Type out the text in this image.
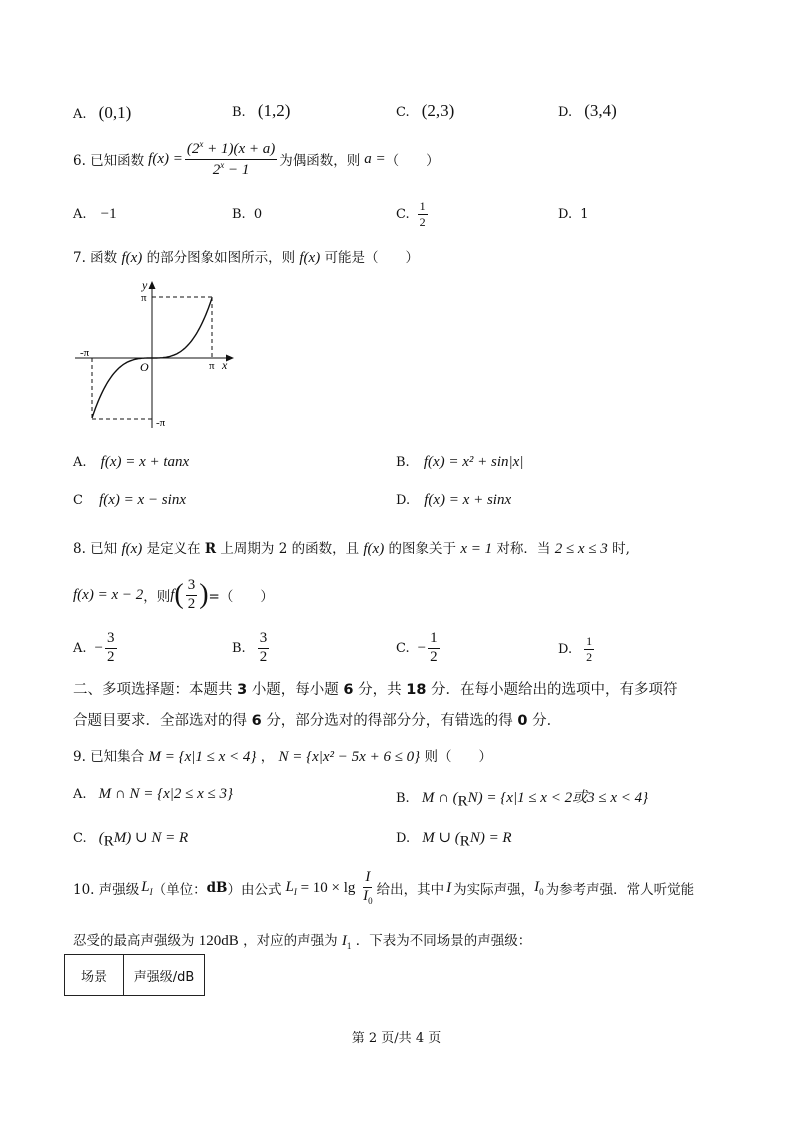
A. (0,1)	B. (1,2)	C. (2,3)	D. (3,4)
6. 已知函数 $f(x) = \frac{(2^x + 1)(x + a)}{2^x - 1}$ 为偶函数，则 a = （　　）
A. −1	B. 0	C. $\frac{1}{2}$	D. 1
7. 函数 f(x) 的部分图象如图所示，则 f(x) 可能是（　　）
y
π
-π
O	π x
-π
A. f(x) = x + tanx	B. f(x) = x² + sin|x|
C f(x) = x − sinx	D. f(x) = x + sinx
8. 已知 f(x) 是定义在 R 上周期为 2 的函数，且 f(x) 的图象关于 x = 1 对称．当 2 ≤ x ≤ 3 时,
f(x) = x − 2 ，则 f ( $\frac{3}{2}$ ) =（　　）
A. − $\frac{3}{2}$	B. $\frac{3}{2}$	C. − $\frac{1}{2}$	D. $\frac{1}{2}$
二、多项选择题：本题共 3 小题，每小题 6 分，共 18 分．在每小题给出的选项中，有多项符
合题目要求．全部选对的得 6 分，部分选对的得部分分，有错选的得 0 分．
9. 已知集合 M = {x|1 ≤ x < 4} ， N = {x|x² − 5x + 6 ≤ 0} 则（　　）
A. M ∩ N = {x|2 ≤ x ≤ 3}	B. M ∩ $(_RN) = \{x|1 \le x < 2$或3 ≤ x < 4}
C. $(_RM)$ ∪ N = R	D. M ∪ $(_RN) = R$
10. 声强级 $L_I$ （单位： dB ）由公式 $L_I = 10 \times \lg \frac{I}{I_0}$ 给出，其中 I 为实际声强， $I_0$ 为参考声强．常人听觉能
忍受的最高声强级为 120dB ，对应的声强为 $I_1$ ．下表为不同场景的声强级：
场景	声强级/dB
第 2 页/共 4 页
